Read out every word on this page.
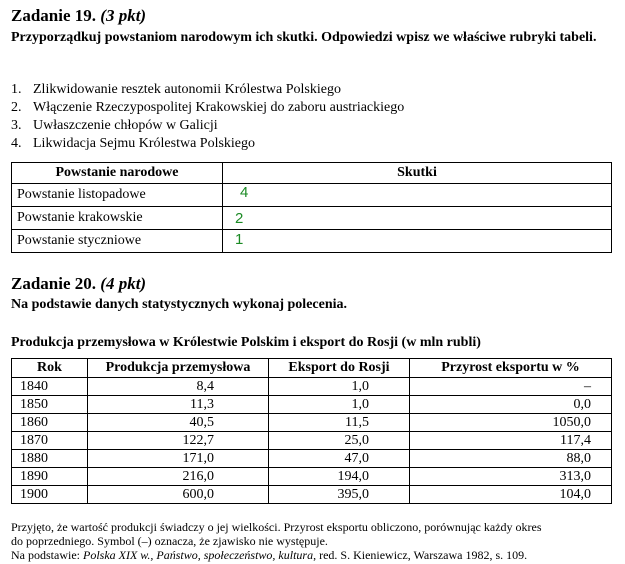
Zadanie 19. (3 pkt)
Przyporządkuj powstaniom narodowym ich skutki. Odpowiedzi wpisz we właściwe rubryki tabeli.
1. Zlikwidowanie resztek autonomii Królestwa Polskiego
2. Włączenie Rzeczypospolitej Krakowskiej do zaboru austriackiego
3. Uwłaszczenie chłopów w Galicji
4. Likwidacja Sejmu Królestwa Polskiego
Powstanie narodowe	Skutki
Powstanie listopadowe	4
Powstanie krakowskie	2
Powstanie styczniowe	1
Zadanie 20. (4 pkt)
Na podstawie danych statystycznych wykonaj polecenia.
Produkcja przemysłowa w Królestwie Polskim i eksport do Rosji (w mln rubli)
Rok	Produkcja przemysłowa	Eksport do Rosji	Przyrost eksportu w %
1840	8,4	1,0	–
1850	11,3	1,0	0,0
1860	40,5	11,5	1050,0
1870	122,7	25,0	117,4
1880	171,0	47,0	88,0
1890	216,0	194,0	313,0
1900	600,0	395,0	104,0
Przyjęto, że wartość produkcji świadczy o jej wielkości. Przyrost eksportu obliczono, porównując każdy okres
do poprzedniego. Symbol (–) oznacza, że zjawisko nie występuje.
Na podstawie: Polska XIX w., Państwo, społeczeństwo, kultura, red. S. Kieniewicz, Warszawa 1982, s. 109.
